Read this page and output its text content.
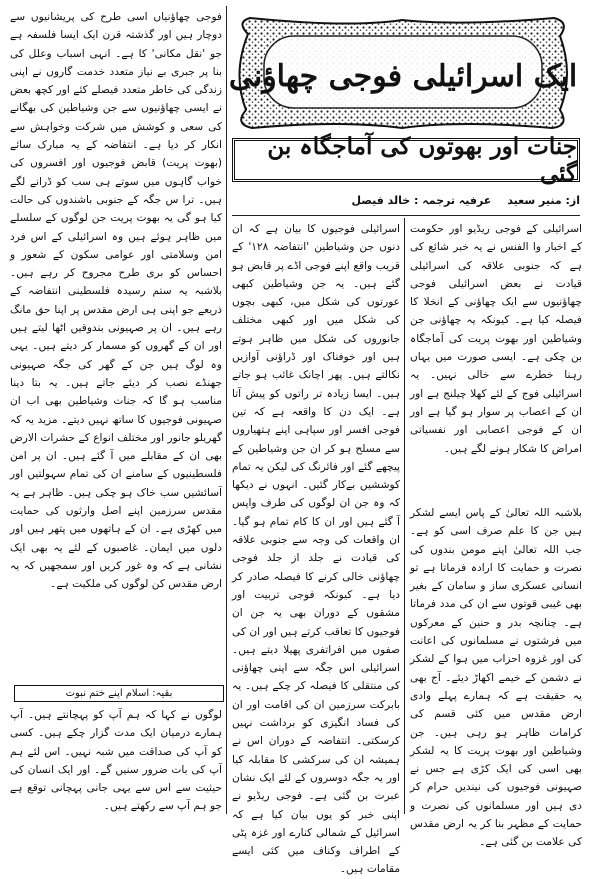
ایک اسرائیلی فوجی چھاؤنی
جنات اور بھوتوں کی آماجگاہ بن گئی
از: منیر سعید
عرفیہ ترجمہ : خالد فیصل

اسرائیلی کے فوجی ریڈیو اور حکومت کے اخبار وا الفنس نے یہ خبر شائع کی ہے کہ جنوبی علاقہ کی اسرائیلی قیادت نے بعض اسرائیلی فوجی چھاؤنیوں سے ایک چھاؤنی کے انخلا کا فیصلہ کیا ہے۔ کیونکہ یہ چھاؤنی جن وشیاطین اور بھوت پریت کی آماجگاہ بن چکی ہے۔ ایسی صورت میں یہاں رہنا خطرے سے خالی نہیں۔ یہ اسرائیلی فوج کے لئے کھلا چیلنج ہے اور ان کے اعصاب پر سوار ہو گیا ہے اور ان کے فوجی اعصابی اور نفسیاتی امراض کا شکار ہونے لگے ہیں۔

بلاشبہ اللہ تعالیٰ کے پاس ایسے لشکر ہیں جن کا علم صرف اسی کو ہے۔ جب اللہ تعالیٰ اپنے مومن بندوں کی نصرت و حمایت کا ارادہ فرماتا ہے تو انسانی عسکری ساز و سامان کے بغیر بھی غیبی قوتوں سے ان کی مدد فرماتا ہے۔ چنانچہ بدر و حنین کے معرکوں میں فرشتوں نے مسلمانوں کی اعانت کی اور غزوہ احزاب میں ہوا کے لشکر نے دشمن کے خیمے اکھاڑ دیئے۔ آج بھی یہ حقیقت ہے کہ ہمارے پہلے وادی ارض مقدس میں کئی قسم کی کرامات ظاہر ہو رہی ہیں۔ جن وشیاطین اور بھوت پریت کا یہ لشکر بھی اسی کی ایک کڑی ہے جس نے صہیونی فوجیوں کی نیندیں حرام کر دی ہیں اور مسلمانوں کی نصرت و حمایت کے مظہر بنا کر یہ ارض مقدس کی علامت بن گئی ہے۔

اسرائیلی فوجیوں کا بیان ہے کہ ان دنوں جن وشیاطین 'انتفاضہ ۱۲۸' کے قریب واقع اپنے فوجی اڈے پر قابض ہو گئے ہیں۔ یہ جن وشیاطین کبھی عورتوں کی شکل میں، کبھی بچوں کی شکل میں اور کبھی مختلف جانوروں کی شکل میں ظاہر ہوتے ہیں اور خوفناک اور ڈراؤنی آوازیں نکالتے ہیں۔ پھر اچانک غائب ہو جاتے ہیں۔ ایسا زیادہ تر راتوں کو پیش آتا ہے۔ ایک دن کا واقعہ ہے کہ تین فوجی افسر اور سپاہی اپنے ہتھیاروں سے مسلح ہو کر ان جن وشیاطین کے پیچھے گئے اور فائرنگ کی لیکن یہ تمام کوششیں بےکار گئیں۔ انہوں نے دیکھا کہ وہ جن ان لوگوں کی طرف واپس آ گئے ہیں اور ان کا کام تمام ہو گیا۔ ان واقعات کی وجہ سے جنوبی علاقہ کی قیادت نے جلد از جلد فوجی چھاؤنی خالی کرنے کا فیصلہ صادر کر دیا ہے۔ کیونکہ فوجی تربیت اور مشقوں کے دوران بھی یہ جن ان فوجیوں کا تعاقب کرتے ہیں اور ان کی صفوں میں افراتفری پھیلا دیتے ہیں۔ اسرائیلی اس جگہ سے اپنی چھاؤنی کی منتقلی کا فیصلہ کر چکے ہیں۔ یہ بابرکت سرزمین ان کی اقامت اور ان کی فساد انگیزی کو برداشت نہیں کرسکتی۔ انتفاضہ کے دوران اس نے ہمیشہ ان کی سرکشی کا مقابلہ کیا اور یہ جگہ دوسروں کے لئے ایک نشان عبرت بن گئی ہے۔ فوجی ریڈیو نے اپنی خبر کو یوں بیان کیا ہے کہ اسرائیل کے شمالی کنارے اور غزہ پٹی کے اطراف وکناف میں کئی ایسے مقامات ہیں۔

فوجی چھاؤنیاں اسی طرح کی پریشانیوں سے دوچار ہیں اور گذشتہ قرن ایک ایسا فلسفہ ہے جو 'نقل مکانی' کا ہے۔ انہی اسباب وعلل کی بنا پر جبری بے نیاز متعدد خدمت گاروں نے اپنی زندگی کی خاطر متعدد فیصلے کئے اور کچھ بعض نے ایسی چھاؤنیوں سے جن وشیاطین کی بھگانے کی سعی و کوشش میں شرکت وخواہش سے انکار کر دیا ہے۔ انتفاضہ کے یہ مبارک سائے (بھوت پریت) قابض فوجیوں اور افسروں کی خواب گاہوں میں سوتے ہی سب کو ڈرانے لگے ہیں۔ ترا س جگہ کے جنوبی باشندوں کی حالت کیا ہو گی یہ بھوت پریت جن لوگوں کے سلسلے میں ظاہر ہوئے ہیں وہ اسرائیلی کے اس فرد امن وسلامتی اور عوامی سکون کے شعور و احساس کو بری طرح مجروح کر رہے ہیں۔ بلاشبہ یہ ستم رسیدہ فلسطینی انتفاضہ کے ذریعے جو اپنی ہی ارض مقدس پر اپنا حق مانگ رہے ہیں۔ ان پر صہیونی بندوقیں اٹھا لیتے ہیں اور ان کے گھروں کو مسمار کر دیتے ہیں۔ یہی وہ لوگ ہیں جن کے گھر کی جگہ صہیونی جھنڈے نصب کر دیئے جاتے ہیں۔ یہ بتا دینا مناسب ہو گا کہ جنات وشیاطین بھی اب ان صہیونی فوجیوں کا ساتھ نہیں دیتے۔ مزید یہ کہ گھریلو جانور اور مختلف انواع کے حشرات الارض بھی ان کے مقابلے میں آ گئے ہیں۔ ان پر امن فلسطینیوں کے سامنے ان کی تمام سہولتیں اور آسائشیں سب خاک ہو چکی ہیں۔ ظاہر ہے یہ مقدس سرزمین اپنے اصل وارثوں کی حمایت میں کھڑی ہے۔ ان کے ہاتھوں میں پتھر ہیں اور دلوں میں ایمان۔ غاصبوں کے لئے یہ بھی ایک نشانی ہے کہ وہ غور کریں اور سمجھیں کہ یہ ارض مقدس کن لوگوں کی ملکیت ہے۔

بقیہ: اسلام اپنے ختم نبوت

لوگوں نے کہا کہ ہم آپ کو پہچانتے ہیں۔ آپ ہمارے درمیان ایک مدت گزار چکے ہیں۔ کسی کو آپ کی صداقت میں شبہ نہیں۔ اس لئے ہم آپ کی بات ضرور سنیں گے۔ اور ایک انسان کی حیثیت سے اس سے یہی جانی پہچانی توقع ہے جو ہم آپ سے رکھتے ہیں۔
